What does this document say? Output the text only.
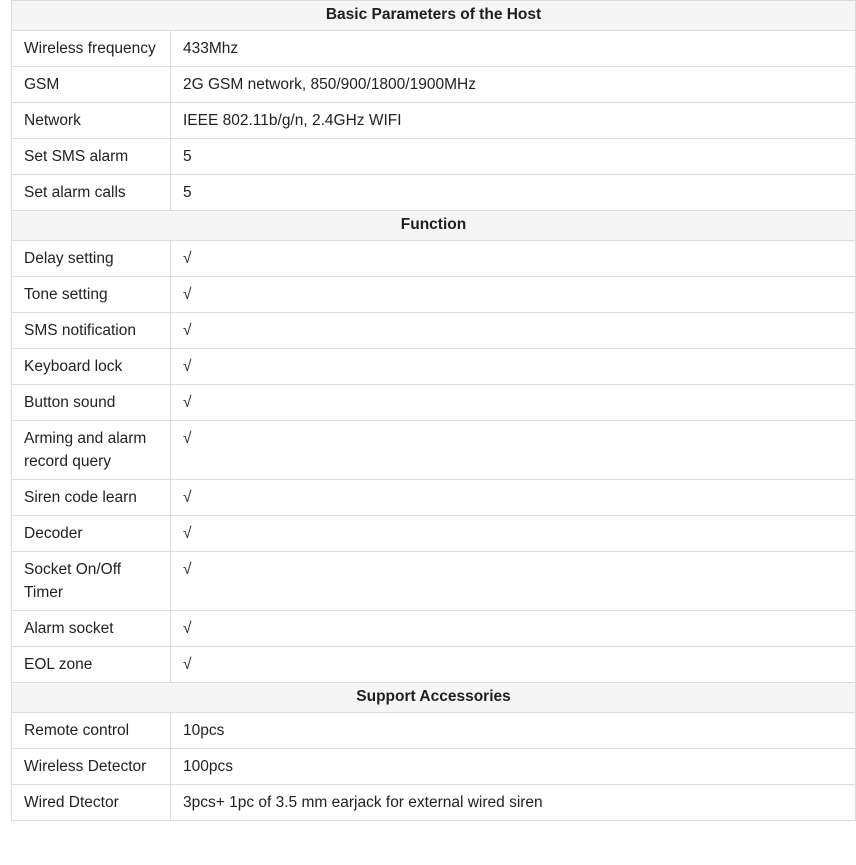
Basic Parameters of the Host	
Wireless frequency	433Mhz
GSM	2G GSM network, 850/900/1800/1900MHz
Network	IEEE 802.11b/g/n, 2.4GHz WIFI
Set SMS alarm	5
Set alarm calls	5
Function	
Delay setting	√
Tone setting	√
SMS notification	√
Keyboard lock	√
Button sound	√
Arming and alarm record query	√
Siren code learn	√
Decoder	√
Socket On/Off Timer	√
Alarm socket	√
EOL zone	√
Support Accessories	
Remote control	10pcs
Wireless Detector	100pcs
Wired Dtector	3pcs+ 1pc of 3.5 mm earjack for external wired siren
